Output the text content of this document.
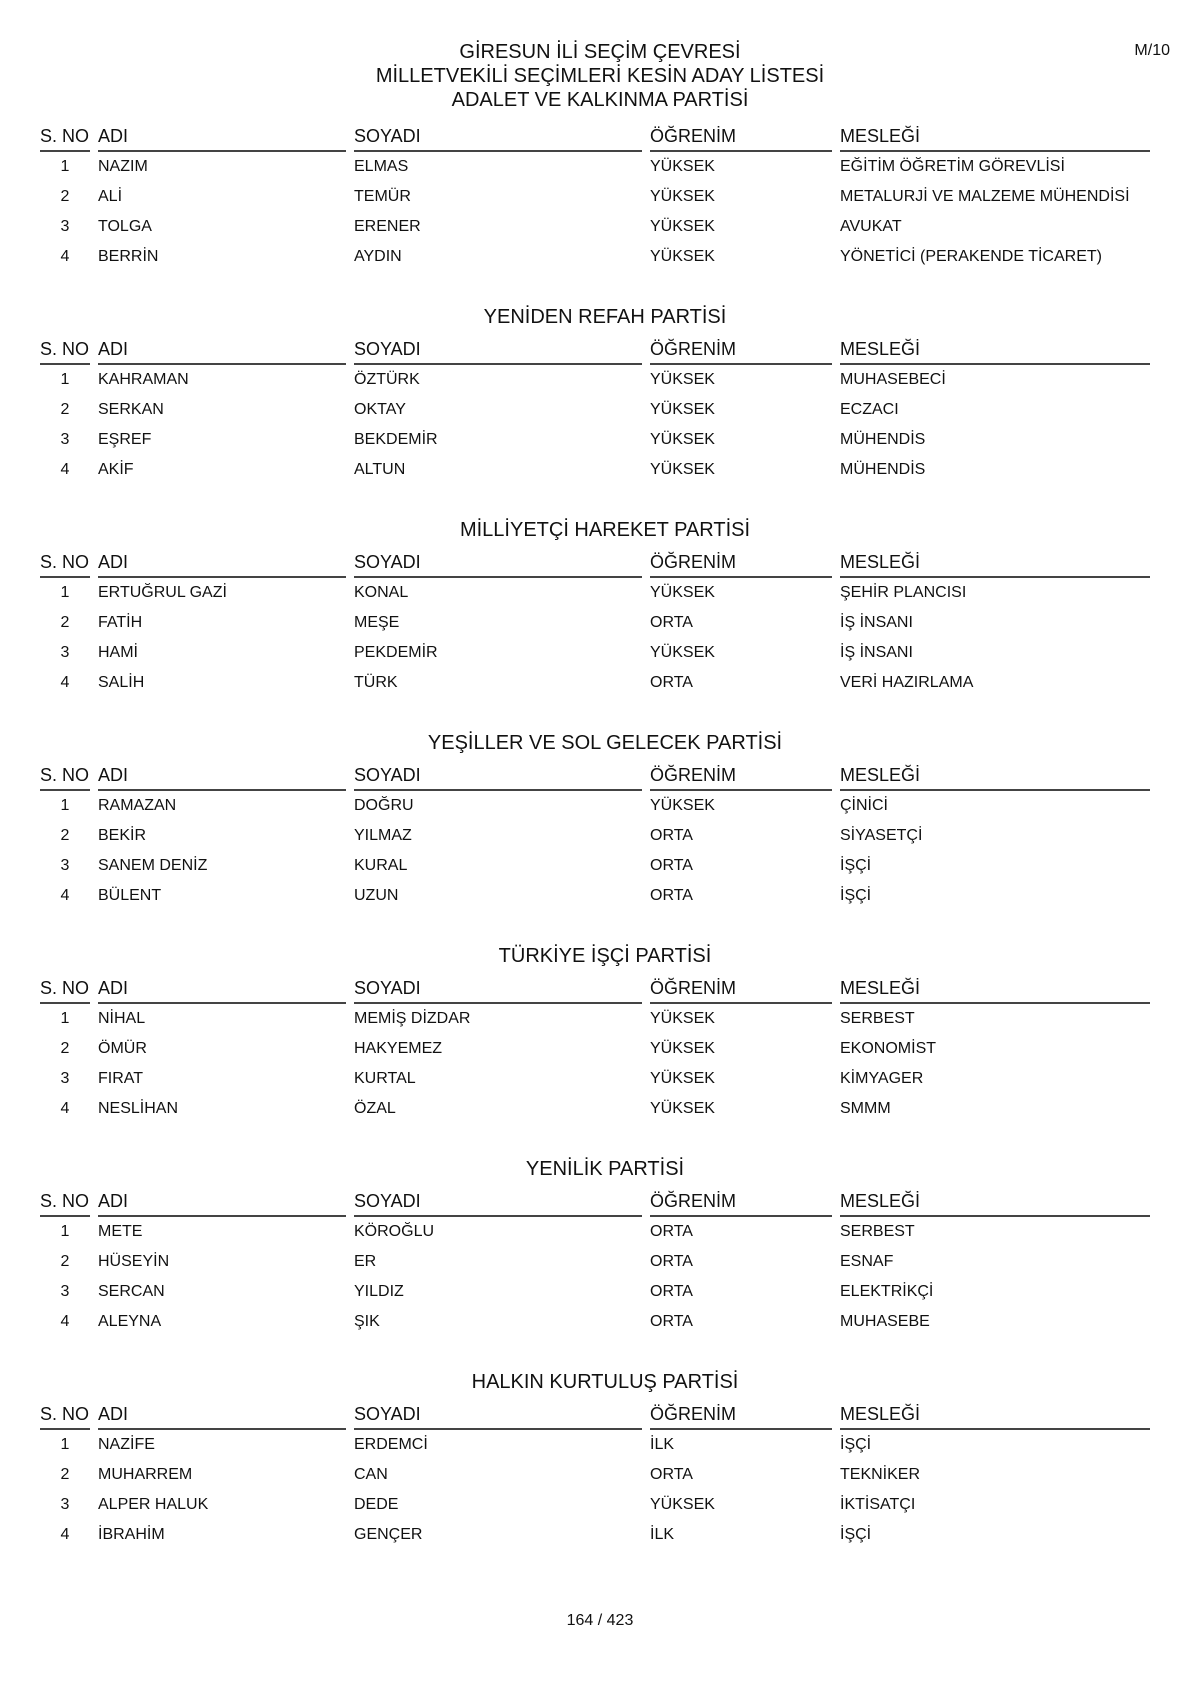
M/10
GİRESUN İLİ SEÇİM ÇEVRESİ
MİLLETVEKİLİ SEÇİMLERİ KESİN ADAY LİSTESİ
ADALET VE KALKINMA PARTİSİ
S. NO ADI	SOYADI	ÖĞRENİM	MESLEĞİ
1	NAZIM	ELMAS	YÜKSEK	EĞİTİM ÖĞRETİM GÖREVLİSİ
2	ALİ	TEMÜR	YÜKSEK	METALURJİ VE MALZEME MÜHENDİSİ
3	TOLGA	ERENER	YÜKSEK	AVUKAT
4	BERRİN	AYDIN	YÜKSEK	YÖNETİCİ (PERAKENDE TİCARET)
YENİDEN REFAH PARTİSİ
S. NO ADI	SOYADI	ÖĞRENİM	MESLEĞİ
1	KAHRAMAN	ÖZTÜRK	YÜKSEK	MUHASEBECİ
2	SERKAN	OKTAY	YÜKSEK	ECZACI
3	EŞREF	BEKDEMİR	YÜKSEK	MÜHENDİS
4	AKİF	ALTUN	YÜKSEK	MÜHENDİS
MİLLİYETÇİ HAREKET PARTİSİ
S. NO ADI	SOYADI	ÖĞRENİM	MESLEĞİ
1	ERTUĞRUL GAZİ	KONAL	YÜKSEK	ŞEHİR PLANCISI
2	FATİH	MEŞE	ORTA	İŞ İNSANI
3	HAMİ	PEKDEMİR	YÜKSEK	İŞ İNSANI
4	SALİH	TÜRK	ORTA	VERİ HAZIRLAMA
YEŞİLLER VE SOL GELECEK PARTİSİ
S. NO ADI	SOYADI	ÖĞRENİM	MESLEĞİ
1	RAMAZAN	DOĞRU	YÜKSEK	ÇİNİCİ
2	BEKİR	YILMAZ	ORTA	SİYASETÇİ
3	SANEM DENİZ	KURAL	ORTA	İŞÇİ
4	BÜLENT	UZUN	ORTA	İŞÇİ
TÜRKİYE İŞÇİ PARTİSİ
S. NO ADI	SOYADI	ÖĞRENİM	MESLEĞİ
1	NİHAL	MEMİŞ DİZDAR	YÜKSEK	SERBEST
2	ÖMÜR	HAKYEMEZ	YÜKSEK	EKONOMİST
3	FIRAT	KURTAL	YÜKSEK	KİMYAGER
4	NESLİHAN	ÖZAL	YÜKSEK	SMMM
YENİLİK PARTİSİ
S. NO ADI	SOYADI	ÖĞRENİM	MESLEĞİ
1	METE	KÖROĞLU	ORTA	SERBEST
2	HÜSEYİN	ER	ORTA	ESNAF
3	SERCAN	YILDIZ	ORTA	ELEKTRİKÇİ
4	ALEYNA	ŞIK	ORTA	MUHASEBE
HALKIN KURTULUŞ PARTİSİ
S. NO ADI	SOYADI	ÖĞRENİM	MESLEĞİ
1	NAZİFE	ERDEMCİ	İLK	İŞÇİ
2	MUHARREM	CAN	ORTA	TEKNİKER
3	ALPER HALUK	DEDE	YÜKSEK	İKTİSATÇI
4	İBRAHİM	GENÇER	İLK	İŞÇİ
164 / 423
